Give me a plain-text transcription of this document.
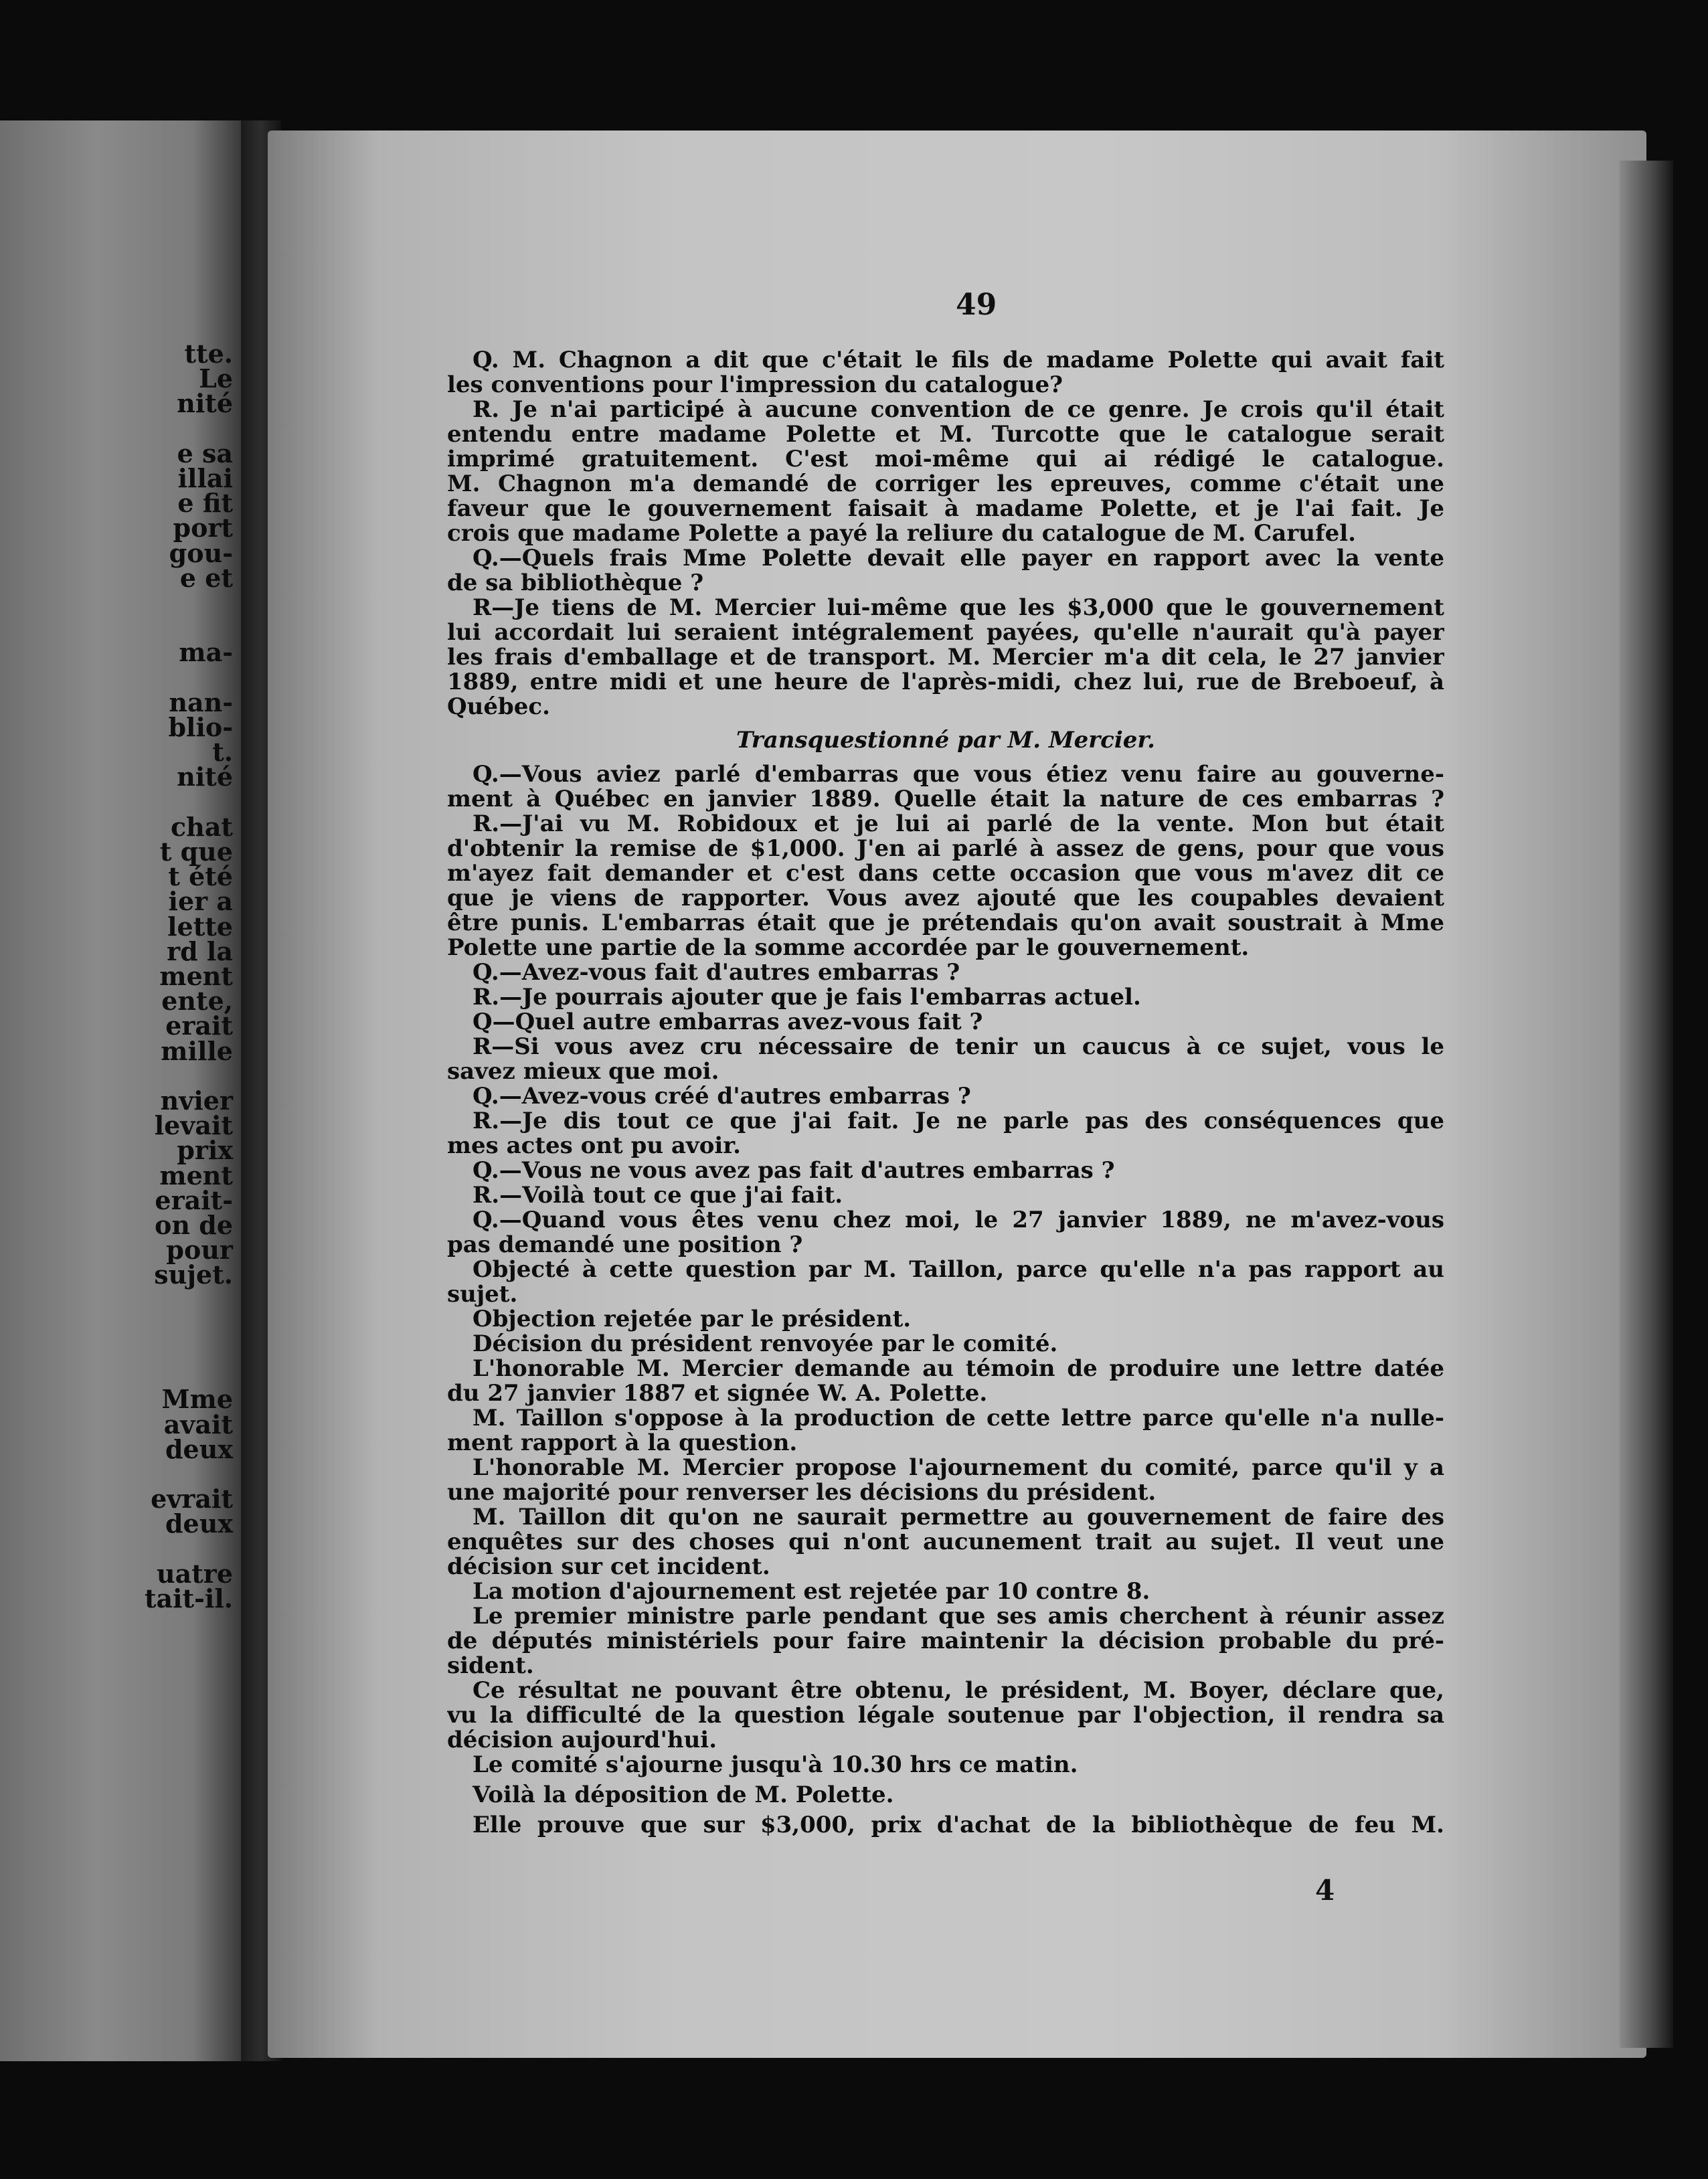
tte.
Le
nité
e sa
illai
e fit
port
gou-
e et
ma-
nan-
blio-
t.
nité
chat
t que
t été
ier a
lette
rd la
ment
ente,
erait
mille
nvier
levait
prix
ment
erait-
on de
pour
sujet.
Mme
avait
deux
evrait
deux
uatre
tait-il.
49
Q. M. Chagnon a dit que c'était le fils de madame Polette qui avait fait
les conventions pour l'impression du catalogue?
R. Je n'ai participé à aucune convention de ce genre. Je crois qu'il était
entendu entre madame Polette et M. Turcotte que le catalogue serait
imprimé gratuitement. C'est moi-même qui ai rédigé le catalogue.
M. Chagnon m'a demandé de corriger les epreuves, comme c'était une
faveur que le gouvernement faisait à madame Polette, et je l'ai fait. Je
crois que madame Polette a payé la reliure du catalogue de M. Carufel.
Q.—Quels frais Mme Polette devait elle payer en rapport avec la vente
de sa bibliothèque ?
R—Je tiens de M. Mercier lui-même que les $3,000 que le gouvernement
lui accordait lui seraient intégralement payées, qu'elle n'aurait qu'à payer
les frais d'emballage et de transport. M. Mercier m'a dit cela, le 27 janvier
1889, entre midi et une heure de l'après-midi, chez lui, rue de Breboeuf, à
Québec.
Transquestionné par M. Mercier.
Q.—Vous aviez parlé d'embarras que vous étiez venu faire au gouverne-
ment à Québec en janvier 1889. Quelle était la nature de ces embarras ?
R.—J'ai vu M. Robidoux et je lui ai parlé de la vente. Mon but était
d'obtenir la remise de $1,000. J'en ai parlé à assez de gens, pour que vous
m'ayez fait demander et c'est dans cette occasion que vous m'avez dit ce
que je viens de rapporter. Vous avez ajouté que les coupables devaient
être punis. L'embarras était que je prétendais qu'on avait soustrait à Mme
Polette une partie de la somme accordée par le gouvernement.
Q.—Avez-vous fait d'autres embarras ?
R.—Je pourrais ajouter que je fais l'embarras actuel.
Q—Quel autre embarras avez-vous fait ?
R—Si vous avez cru nécessaire de tenir un caucus à ce sujet, vous le
savez mieux que moi.
Q.—Avez-vous créé d'autres embarras ?
R.—Je dis tout ce que j'ai fait. Je ne parle pas des conséquences que
mes actes ont pu avoir.
Q.—Vous ne vous avez pas fait d'autres embarras ?
R.—Voilà tout ce que j'ai fait.
Q.—Quand vous êtes venu chez moi, le 27 janvier 1889, ne m'avez-vous
pas demandé une position ?
Objecté à cette question par M. Taillon, parce qu'elle n'a pas rapport au
sujet.
Objection rejetée par le président.
Décision du président renvoyée par le comité.
L'honorable M. Mercier demande au témoin de produire une lettre datée
du 27 janvier 1887 et signée W. A. Polette.
M. Taillon s'oppose à la production de cette lettre parce qu'elle n'a nulle-
ment rapport à la question.
L'honorable M. Mercier propose l'ajournement du comité, parce qu'il y a
une majorité pour renverser les décisions du président.
M. Taillon dit qu'on ne saurait permettre au gouvernement de faire des
enquêtes sur des choses qui n'ont aucunement trait au sujet. Il veut une
décision sur cet incident.
La motion d'ajournement est rejetée par 10 contre 8.
Le premier ministre parle pendant que ses amis cherchent à réunir assez
de députés ministériels pour faire maintenir la décision probable du pré-
sident.
Ce résultat ne pouvant être obtenu, le président, M. Boyer, déclare que,
vu la difficulté de la question légale soutenue par l'objection, il rendra sa
décision aujourd'hui.
Le comité s'ajourne jusqu'à 10.30 hrs ce matin.
Voilà la déposition de M. Polette.
Elle prouve que sur $3,000, prix d'achat de la bibliothèque de feu M.
4
